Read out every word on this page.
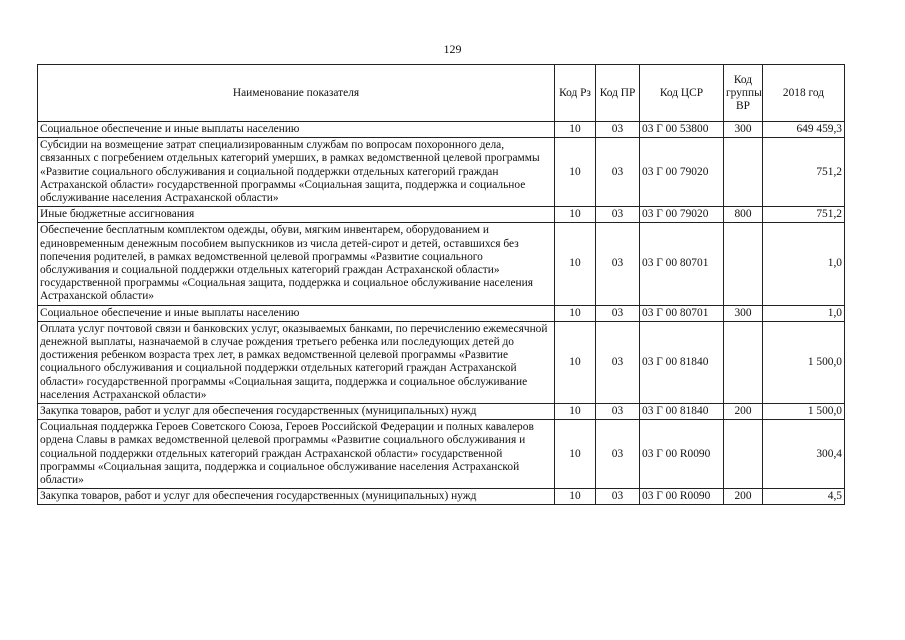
129
Наименование показателя	Код Рз	Код ПР	Код ЦСР	Код группы ВР	2018 год
Социальное обеспечение и иные выплаты населению	10	03	03 Г 00 53800	300	649 459,3
Субсидии на возмещение затрат специализированным службам по вопросам похоронного дела, связанных с погребением отдельных категорий умерших, в рамках ведомственной целевой программы «Развитие социального обслуживания и социальной поддержки отдельных категорий граждан Астраханской области» государственной программы «Социальная защита, поддержка и социальное обслуживание населения Астраханской области»	10	03	03 Г 00 79020		751,2
Иные бюджетные ассигнования	10	03	03 Г 00 79020	800	751,2
Обеспечение бесплатным комплектом одежды, обуви, мягким инвентарем, оборудованием и единовременным денежным пособием выпускников из числа детей-сирот и детей, оставшихся без попечения родителей, в рамках ведомственной целевой программы «Развитие социального обслуживания и социальной поддержки отдельных категорий граждан Астраханской области» государственной программы «Социальная защита, поддержка и социальное обслуживание населения Астраханской области»	10	03	03 Г 00 80701		1,0
Социальное обеспечение и иные выплаты населению	10	03	03 Г 00 80701	300	1,0
Оплата услуг почтовой связи и банковских услуг, оказываемых банками, по перечислению ежемесячной денежной выплаты, назначаемой в случае рождения третьего ребенка или последующих детей до достижения ребенком возраста трех лет, в рамках ведомственной целевой программы «Развитие социального обслуживания и социальной поддержки отдельных категорий граждан Астраханской области» государственной программы «Социальная защита, поддержка и социальное обслуживание населения Астраханской области»	10	03	03 Г 00 81840		1 500,0
Закупка товаров, работ и услуг для обеспечения государственных (муниципальных) нужд	10	03	03 Г 00 81840	200	1 500,0
Социальная поддержка Героев Советского Союза, Героев Российской Федерации и полных кавалеров ордена Славы в рамках ведомственной целевой программы «Развитие социального обслуживания и социальной поддержки отдельных категорий граждан Астраханской области» государственной программы «Социальная защита, поддержка и социальное обслуживание населения Астраханской области»	10	03	03 Г 00 R0090		300,4
Закупка товаров, работ и услуг для обеспечения государственных (муниципальных) нужд	10	03	03 Г 00 R0090	200	4,5
